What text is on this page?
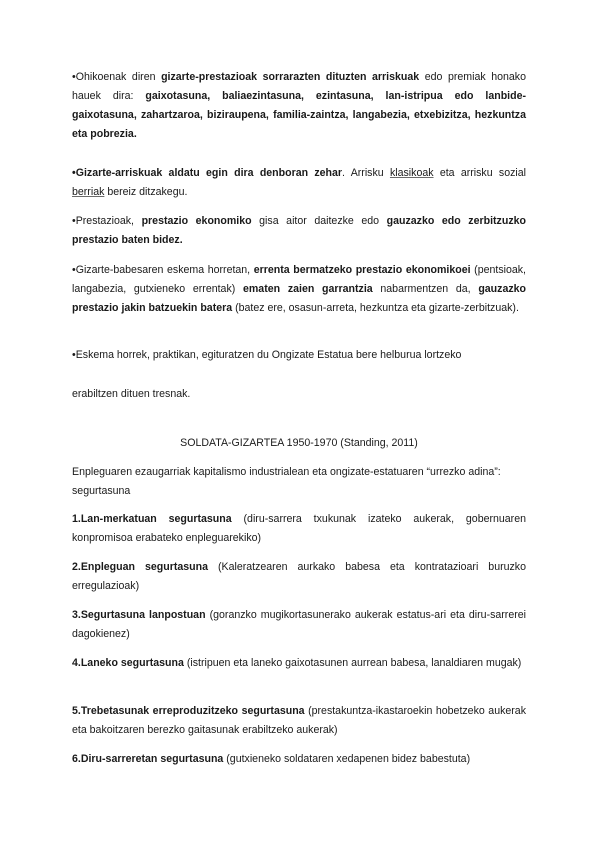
•Ohikoenak diren gizarte-prestazioak sorrarazten dituzten arriskuak edo premiak honako hauek dira: gaixotasuna, baliaezintasuna, ezintasuna, lan-istripua edo lanbide-gaixotasuna, zahartzaroa, biziraupena, familia-zaintza, langabezia, etxebizitza, hezkuntza eta pobrezia.

•Gizarte-arriskuak aldatu egin dira denboran zehar. Arrisku klasikoak eta arrisku sozial berriak bereiz ditzakegu.

•Prestazioak, prestazio ekonomiko gisa aitor daitezke edo gauzazko edo zerbitzuzko prestazio baten bidez.

•Gizarte-babesaren eskema horretan, errenta bermatzeko prestazio ekonomikoei (pentsioak, langabezia, gutxieneko errentak) ematen zaien garrantzia nabarmentzen da, gauzazko prestazio jakin batzuekin batera (batez ere, osasun-arreta, hezkuntza eta gizarte-zerbitzuak).

•Eskema horrek, praktikan, egituratzen du Ongizate Estatua bere helburua lortzeko

erabiltzen dituen tresnak.

SOLDATA-GIZARTEA 1950-1970 (Standing, 2011)

Enpleguaren ezaugarriak kapitalismo industrialean eta ongizate-estatuaren “urrezko adina”: segurtasuna

1.Lan-merkatuan segurtasuna (diru-sarrera txukunak izateko aukerak, gobernuaren konpromisoa erabateko enpleguarekiko)

2.Enpleguan segurtasuna (Kaleratzearen aurkako babesa eta kontratazioari buruzko erregulazioak)

3.Segurtasuna lanpostuan (goranzko mugikortasunerako aukerak estatus-ari eta diru-sarrerei dagokienez)

4.Laneko segurtasuna (istripuen eta laneko gaixotasunen aurrean babesa, lanaldiaren mugak)

5.Trebetasunak erreproduzitzeko segurtasuna (prestakuntza-ikastaroekin hobetzeko aukerak eta bakoitzaren berezko gaitasunak erabiltzeko aukerak)

6.Diru-sarreretan segurtasuna (gutxieneko soldataren xedapenen bidez babestuta)
